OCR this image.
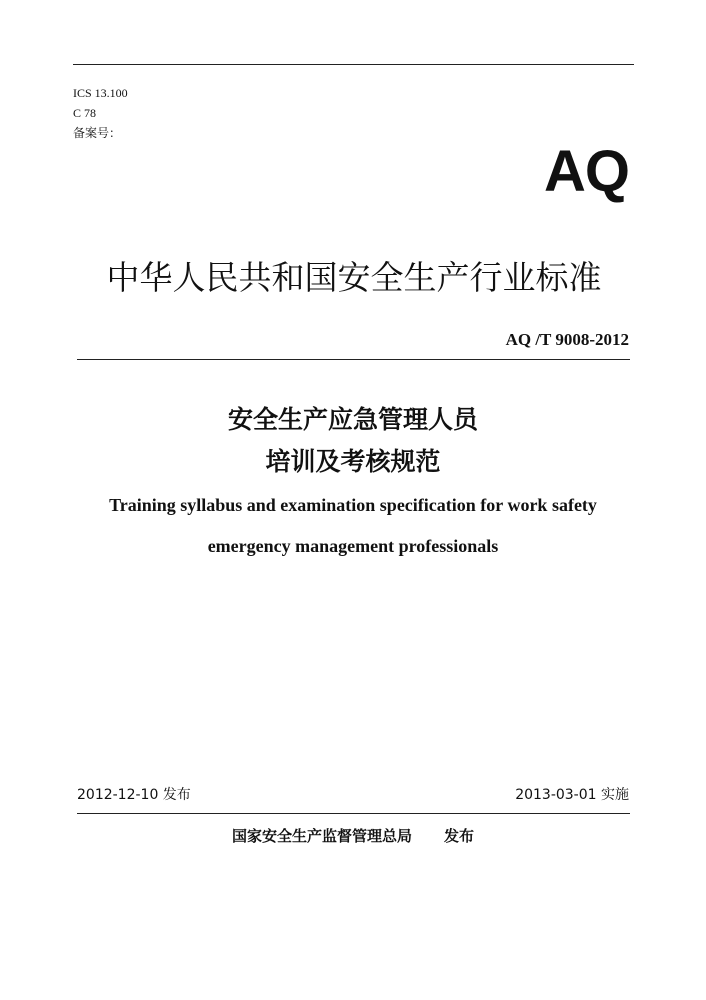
ICS 13.100
C 78
备案号：
AQ
中华人民共和国安全生产行业标准
AQ /T 9008-2012
安全生产应急管理人员
培训及考核规范
Training syllabus and examination specification for work safety
emergency management professionals
2012-12-10 发布	2013-03-01 实施
国家安全生产监督管理总局 发布
